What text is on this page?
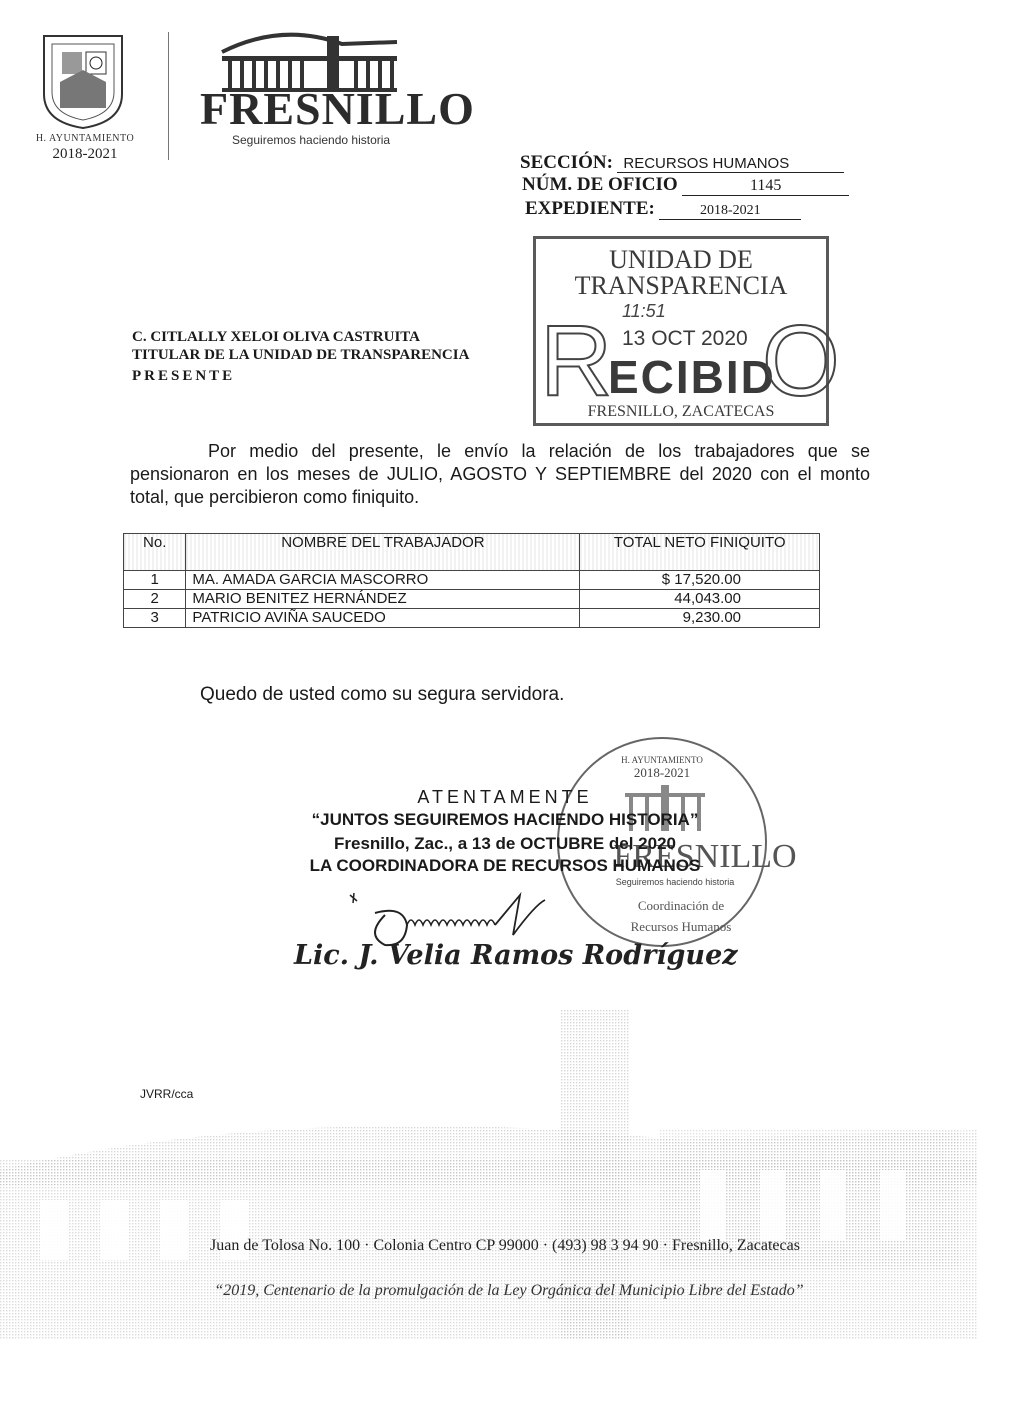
H. AYUNTAMIENTO
2018-2021
FRESNILLO
Seguiremos haciendo historia
SECCIÓN: RECURSOS HUMANOS
NÚM. DE OFICIO	1145
EXPEDIENTE:	2018-2021
UNIDAD DE
TRANSPARENCIA
R
ECIBID
O
11:51
13 OCT 2020
FRESNILLO, ZACATECAS
C. CITLALLY XELOI OLIVA CASTRUITA
TITULAR DE LA UNIDAD DE TRANSPARENCIA
PRESENTE
Por medio del presente, le envío la relación de los trabajadores que se pensionaron en los meses de JULIO, AGOSTO Y SEPTIEMBRE del 2020 con el monto total, que percibieron como finiquito.
No.	NOMBRE DEL TRABAJADOR	TOTAL NETO FINIQUITO
1	MA. AMADA GARCIA MASCORRO	$ 17,520.00
2	MARIO BENITEZ HERNÁNDEZ	44,043.00
3	PATRICIO AVIÑA SAUCEDO	9,230.00
Quedo de usted como su segura servidora.
H. AYUNTAMIENTO
2018-2021
FRESNILLO
Seguiremos haciendo historia
Coordinación de
Recursos Humanos
ATENTAMENTE
“JUNTOS SEGUIREMOS HACIENDO HISTORIA”
Fresnillo, Zac., a 13 de OCTUBRE del 2020
LA COORDINADORA DE RECURSOS HUMANOS
Lic. J. Velia Ramos Rodríguez
JVRR/cca
Juan de Tolosa No. 100 · Colonia Centro CP 99000 · (493) 98 3 94 90 · Fresnillo, Zacatecas
“2019, Centenario de la promulgación de la Ley Orgánica del Municipio Libre del Estado”
